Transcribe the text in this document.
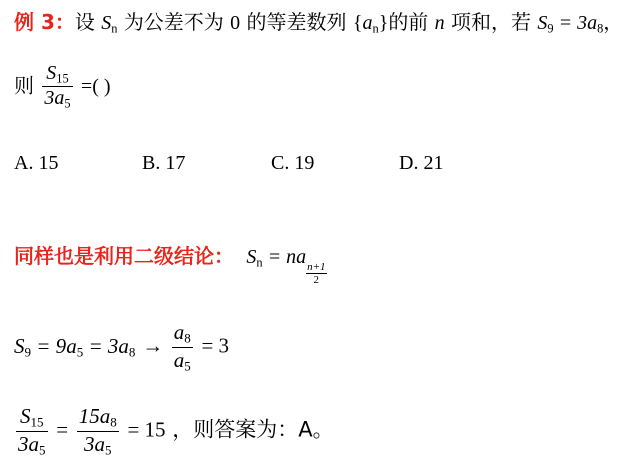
例 3：设 $S_n$ 为公差不为 0 的等差数列 $\{a_n\}$的前 n 项和，若 $S_9 = 3a_8$，
则 $\frac{S_{15}}{3a_5}$ =( )
A. 15	B. 17	C. 19	D. 21
同样也是利用二级结论： $S_n$ = na
$\frac{n+1}{2}$
$S_9 = 9a_5 = 3a_8 \to \frac{a_8}{a_5} = 3$
$\frac{S_{15}}{3a_5} = \frac{15a_8}{3a_5} = 15$ ，则答案为：A。
